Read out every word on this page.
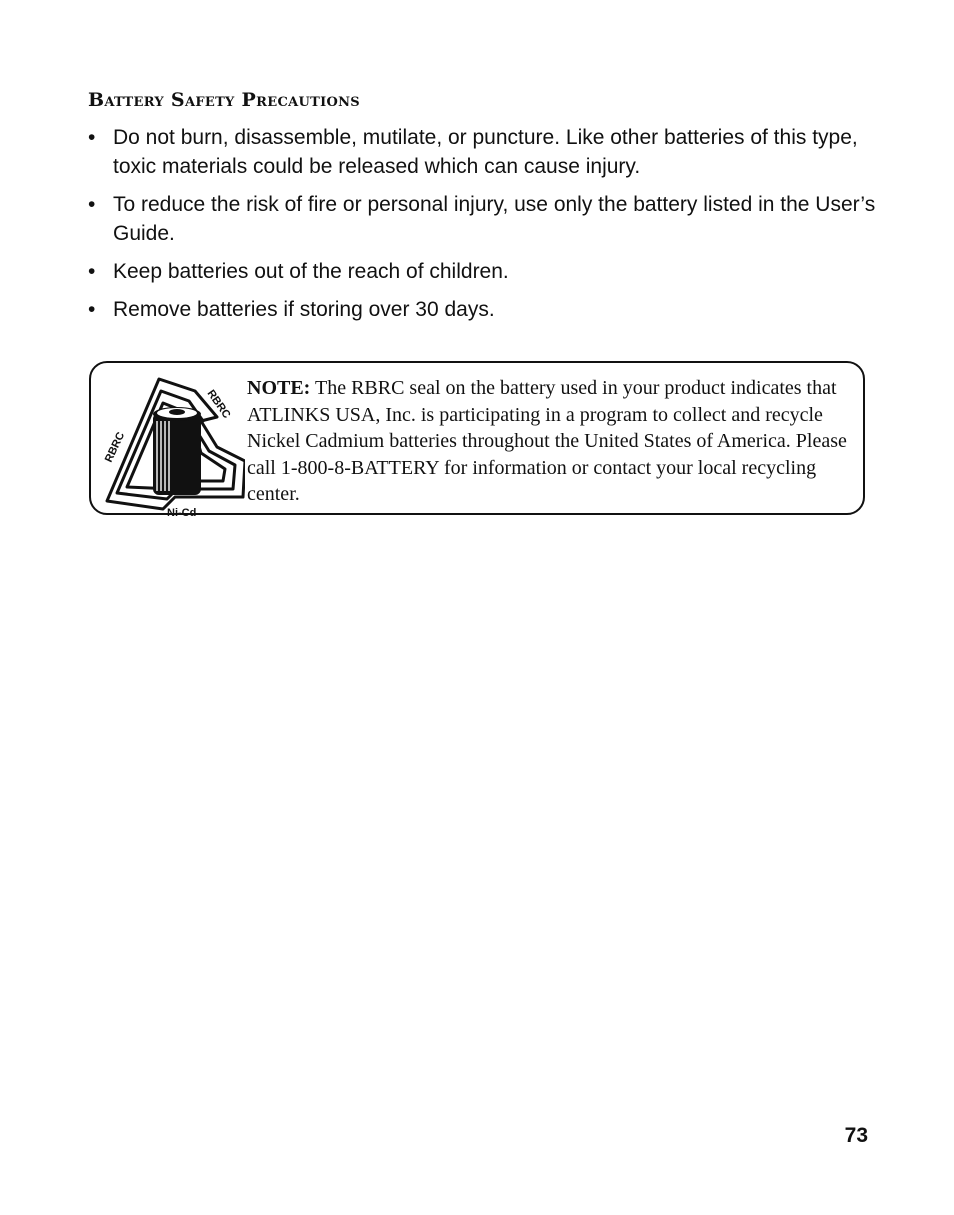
Battery Safety Precautions
• Do not burn, disassemble, mutilate, or puncture. Like other batteries of this type, toxic materials could be released which can cause injury.
• To reduce the risk of fire or personal injury, use only the battery listed in the User’s Guide.
• Keep batteries out of the reach of children.
• Remove batteries if storing over 30 days.
RBRC
RBRC
Ni-Cd

NOTE: The RBRC seal on the battery used in your product indicates that ATLINKS USA, Inc. is participating in a program to collect and recycle Nickel Cadmium batteries throughout the United States of America. Please call 1-800-8-BATTERY for information or contact your local recycling center.

73
